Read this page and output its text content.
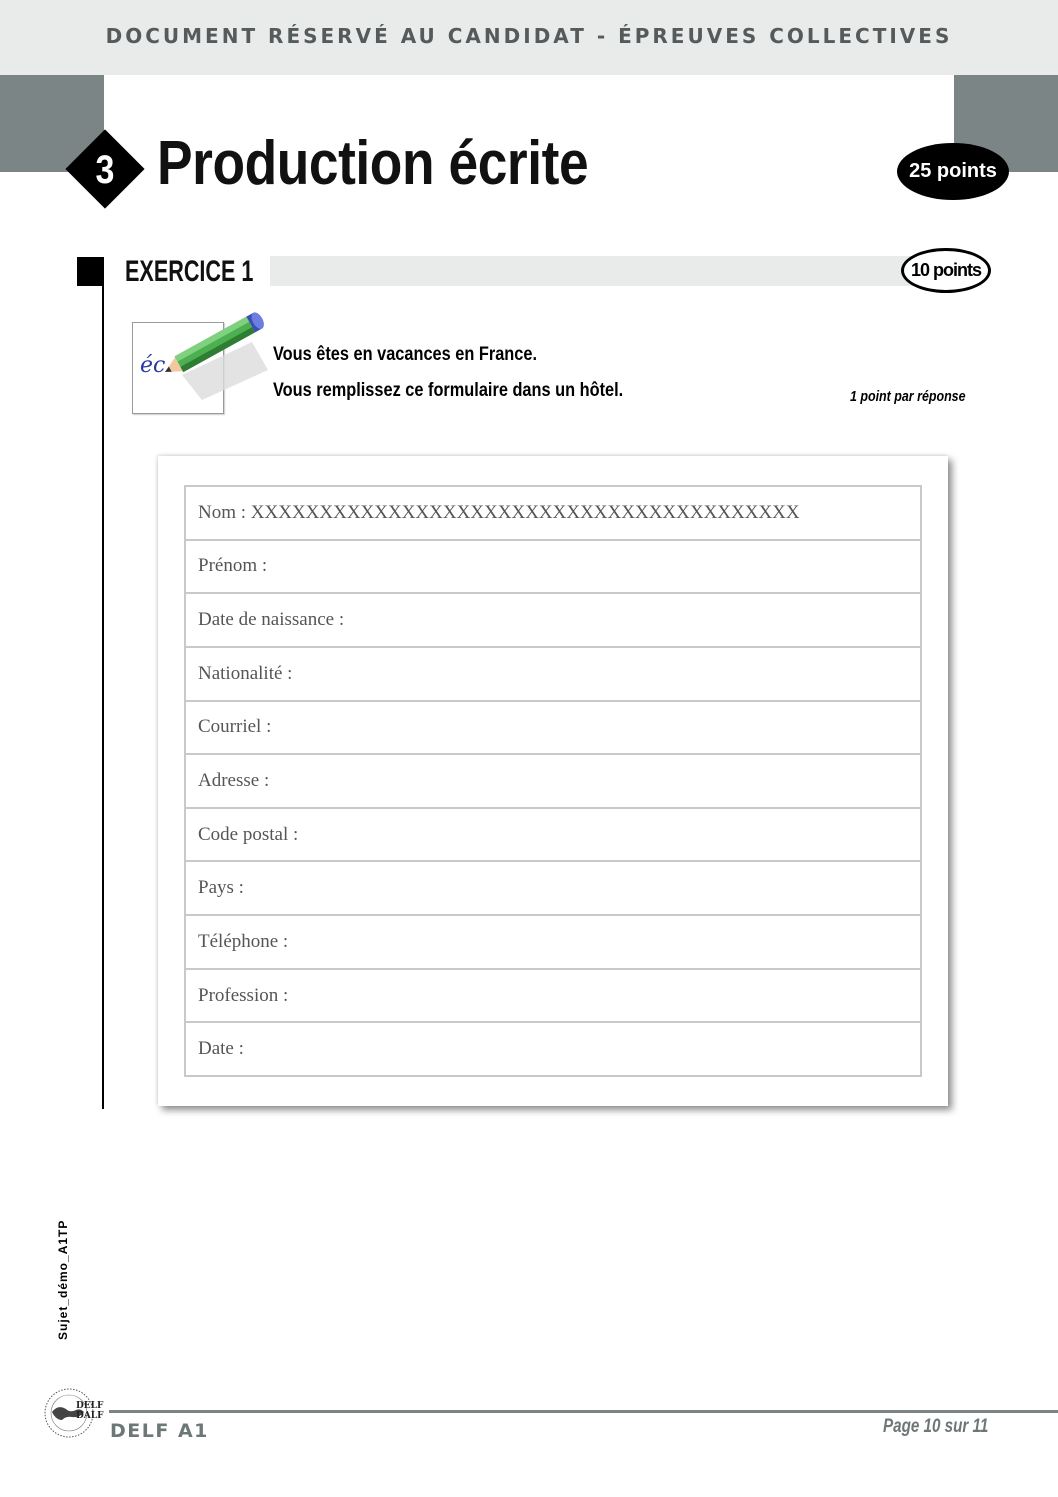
DOCUMENT RÉSERVÉ AU CANDIDAT - ÉPREUVES COLLECTIVES
3 Production écrite	25 points
EXERCICE 1	10 points
éc	Vous êtes en vacances en France.
Vous remplissez ce formulaire dans un hôtel.	1 point par réponse
Nom : XXXXXXXXXXXXXXXXXXXXXXXXXXXXXXXXXXXXXXXX
Prénom :
Date de naissance :
Nationalité :
Courriel :
Adresse :
Code postal :
Pays :
Téléphone :
Profession :
Date :
Sujet_démo_A1TP
DELF
DALF
DELF A1	Page 10 sur 11
